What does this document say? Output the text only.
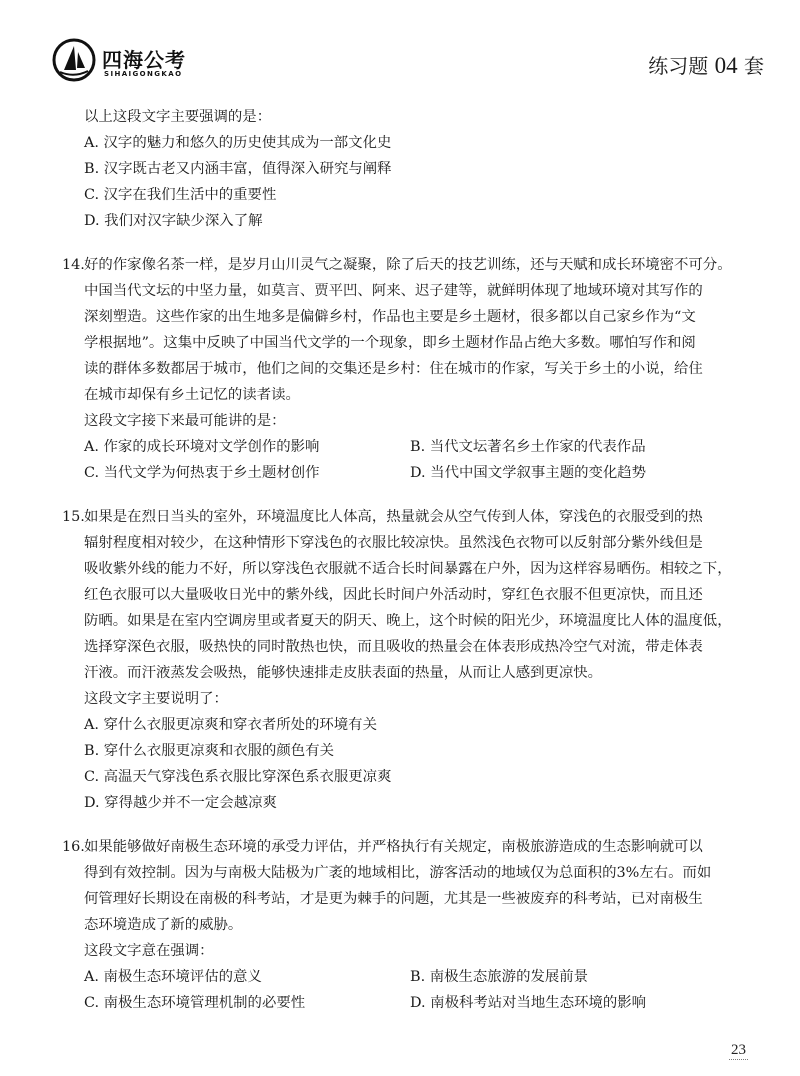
四海公考
SIHAIGONGKAO	练习题 04 套
以上这段文字主要强调的是：
A. 汉字的魅力和悠久的历史使其成为一部文化史
B. 汉字既古老又内涵丰富，值得深入研究与阐释
C. 汉字在我们生活中的重要性
D. 我们对汉字缺少深入了解
14. 好的作家像名茶一样，是岁月山川灵气之凝聚，除了后天的技艺训练，还与天赋和成长环境密不可分。
中国当代文坛的中坚力量，如莫言、贾平凹、阿来、迟子建等，就鲜明体现了地域环境对其写作的
深刻塑造。这些作家的出生地多是偏僻乡村，作品也主要是乡土题材，很多都以自己家乡作为“文
学根据地”。这集中反映了中国当代文学的一个现象，即乡土题材作品占绝大多数。哪怕写作和阅
读的群体多数都居于城市，他们之间的交集还是乡村：住在城市的作家，写关于乡土的小说，给住
在城市却保有乡土记忆的读者读。
这段文字接下来最可能讲的是：
A. 作家的成长环境对文学创作的影响	B. 当代文坛著名乡土作家的代表作品
C. 当代文学为何热衷于乡土题材创作	D. 当代中国文学叙事主题的变化趋势
15. 如果是在烈日当头的室外，环境温度比人体高，热量就会从空气传到人体，穿浅色的衣服受到的热
辐射程度相对较少，在这种情形下穿浅色的衣服比较凉快。虽然浅色衣物可以反射部分紫外线但是
吸收紫外线的能力不好，所以穿浅色衣服就不适合长时间暴露在户外，因为这样容易晒伤。相较之下，
红色衣服可以大量吸收日光中的紫外线，因此长时间户外活动时，穿红色衣服不但更凉快，而且还
防晒。如果是在室内空调房里或者夏天的阴天、晚上，这个时候的阳光少，环境温度比人体的温度低，
选择穿深色衣服，吸热快的同时散热也快，而且吸收的热量会在体表形成热冷空气对流，带走体表
汗液。而汗液蒸发会吸热，能够快速排走皮肤表面的热量，从而让人感到更凉快。
这段文字主要说明了：
A. 穿什么衣服更凉爽和穿衣者所处的环境有关
B. 穿什么衣服更凉爽和衣服的颜色有关
C. 高温天气穿浅色系衣服比穿深色系衣服更凉爽
D. 穿得越少并不一定会越凉爽
16. 如果能够做好南极生态环境的承受力评估，并严格执行有关规定，南极旅游造成的生态影响就可以
得到有效控制。因为与南极大陆极为广袤的地域相比，游客活动的地域仅为总面积的3%左右。而如
何管理好长期设在南极的科考站，才是更为棘手的问题，尤其是一些被废弃的科考站，已对南极生
态环境造成了新的威胁。
这段文字意在强调：
A. 南极生态环境评估的意义	B. 南极生态旅游的发展前景
C. 南极生态环境管理机制的必要性	D. 南极科考站对当地生态环境的影响
23
